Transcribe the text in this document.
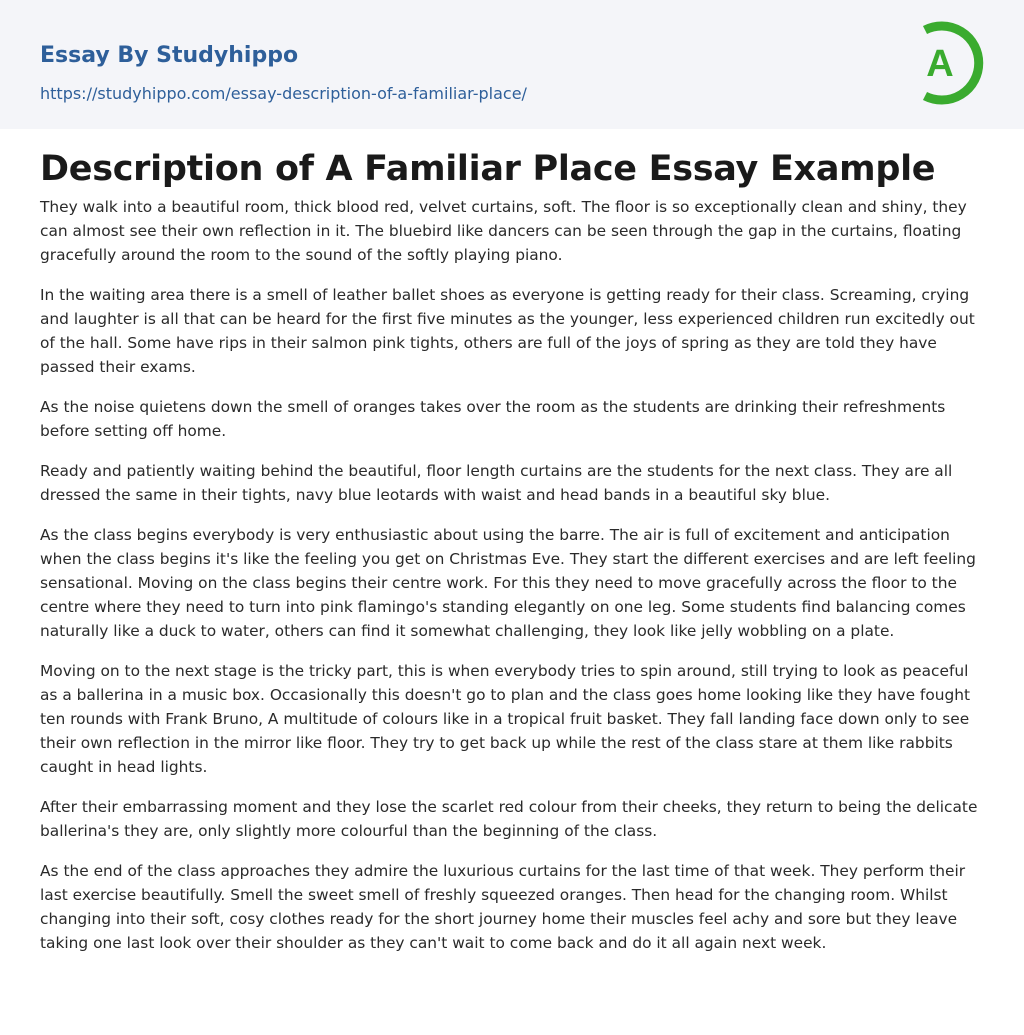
Essay By Studyhippo
https://studyhippo.com/essay-description-of-a-familiar-place/
A
Description of A Familiar Place Essay Example

They walk into a beautiful room, thick blood red, velvet curtains, soft. The floor is so exceptionally clean and shiny, they can almost see their own reflection in it. The bluebird like dancers can be seen through the gap in the curtains, floating gracefully around the room to the sound of the softly playing piano.

In the waiting area there is a smell of leather ballet shoes as everyone is getting ready for their class. Screaming, crying and laughter is all that can be heard for the first five minutes as the younger, less experienced children run excitedly out of the hall. Some have rips in their salmon pink tights, others are full of the joys of spring as they are told they have passed their exams.

As the noise quietens down the smell of oranges takes over the room as the students are drinking their refreshments before setting off home.

Ready and patiently waiting behind the beautiful, floor length curtains are the students for the next class. They are all dressed the same in their tights, navy blue leotards with waist and head bands in a beautiful sky blue.

As the class begins everybody is very enthusiastic about using the barre. The air is full of excitement and anticipation when the class begins it's like the feeling you get on Christmas Eve. They start the different exercises and are left feeling sensational. Moving on the class begins their centre work. For this they need to move gracefully across the floor to the centre where they need to turn into pink flamingo's standing elegantly on one leg. Some students find balancing comes naturally like a duck to water, others can find it somewhat challenging, they look like jelly wobbling on a plate.

Moving on to the next stage is the tricky part, this is when everybody tries to spin around, still trying to look as peaceful as a ballerina in a music box. Occasionally this doesn't go to plan and the class goes home looking like they have fought ten rounds with Frank Bruno, A multitude of colours like in a tropical fruit basket. They fall landing face down only to see their own reflection in the mirror like floor. They try to get back up while the rest of the class stare at them like rabbits caught in head lights.

After their embarrassing moment and they lose the scarlet red colour from their cheeks, they return to being the delicate ballerina's they are, only slightly more colourful than the beginning of the class.

As the end of the class approaches they admire the luxurious curtains for the last time of that week. They perform their last exercise beautifully. Smell the sweet smell of freshly squeezed oranges. Then head for the changing room. Whilst changing into their soft, cosy clothes ready for the short journey home their muscles feel achy and sore but they leave taking one last look over their shoulder as they can't wait to come back and do it all again next week.
